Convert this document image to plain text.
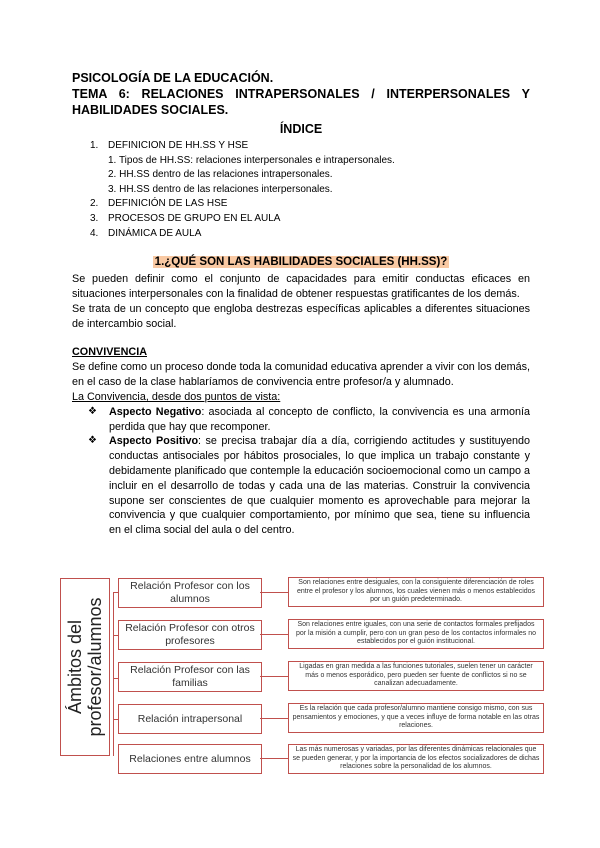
PSICOLOGÍA DE LA EDUCACIÓN.

TEMA 6: RELACIONES INTRAPERSONALES / INTERPERSONALES Y

HABILIDADES SOCIALES.

ÍNDICE
1. DEFINICION DE HH.SS Y HSE
1. Tipos de HH.SS: relaciones interpersonales e intrapersonales.
2. HH.SS dentro de las relaciones intrapersonales.
3. HH.SS dentro de las relaciones interpersonales.
2. DEFINICIÓN DE LAS HSE
3. PROCESOS DE GRUPO EN EL AULA
4. DINÁMICA DE AULA
1.¿QUÉ SON LAS HABILIDADES SOCIALES (HH.SS)?

Se pueden definir como el conjunto de capacidades para emitir conductas eficaces en situaciones interpersonales con la finalidad de obtener respuestas gratificantes de los demás.

Se trata de un concepto que engloba destrezas específicas aplicables a diferentes situaciones de intercambio social.

CONVIVENCIA

Se define como un proceso donde toda la comunidad educativa aprender a vivir con los demás, en el caso de la clase hablaríamos de convivencia entre profesor/a y alumnado.

La Convivencia, desde dos puntos de vista:

❖ Aspecto Negativo: asociada al concepto de conflicto, la convivencia es una armonía perdida que hay que recomponer.
❖ Aspecto Positivo: se precisa trabajar día a día, corrigiendo actitudes y sustituyendo conductas antisociales por hábitos prosociales, lo que implica un trabajo constante y debidamente planificado que contemple la educación socioemocional como un campo a incluir en el desarrollo de todas y cada una de las materias. Construir la convivencia supone ser conscientes de que cualquier momento es aprovechable para mejorar la convivencia y que cualquier comportamiento, por mínimo que sea, tiene su influencia en el clima social del aula o del centro.
Ámbitos del profesor/alumnos
Relación Profesor con los alumnos
Son relaciones entre desiguales, con la consiguiente diferenciación de roles entre el profesor y los alumnos, los cuales vienen más o menos establecidos por un guión predeterminado.
Relación Profesor con otros profesores
Son relaciones entre iguales, con una serie de contactos formales prefijados por la misión a cumplir, pero con un gran peso de los contactos informales no establecidos por el guión institucional.
Relación Profesor con las familias
Ligadas en gran medida a las funciones tutoriales, suelen tener un carácter más o menos esporádico, pero pueden ser fuente de conflictos si no se canalizan adecuadamente.
Relación intrapersonal
Es la relación que cada profesor/alumno mantiene consigo mismo, con sus pensamientos y emociones, y que a veces influye de forma notable en las otras relaciones.
Relaciones entre alumnos
Las más numerosas y variadas, por las diferentes dinámicas relacionales que se pueden generar, y por la importancia de los efectos socializadores de dichas relaciones sobre la personalidad de los alumnos.
